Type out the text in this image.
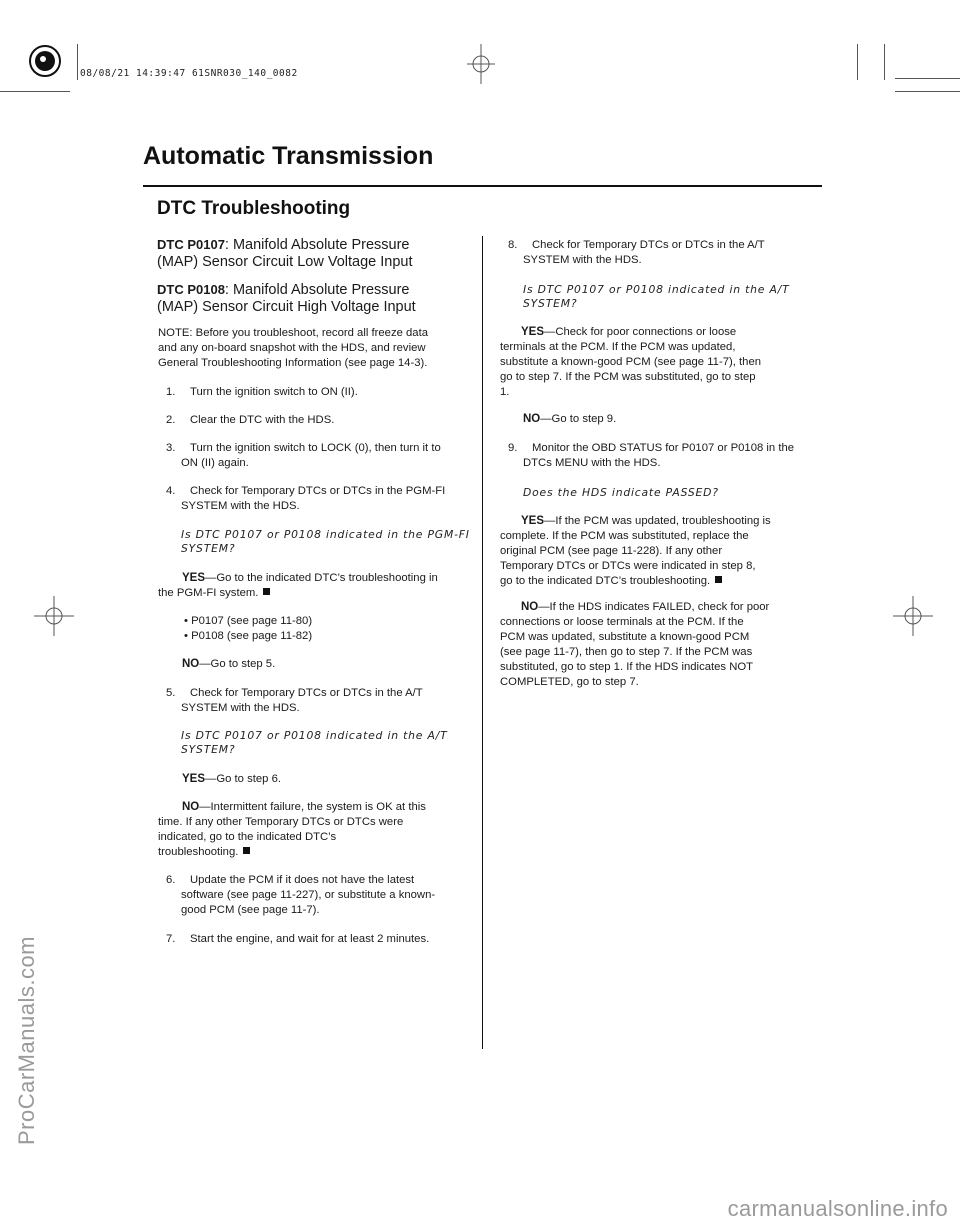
08/08/21 14:39:47 61SNR030_140_0082
ProCarManuals.com
carmanualsonline.info
Automatic Transmission
DTC Troubleshooting
DTC P0107: Manifold Absolute Pressure
(MAP) Sensor Circuit Low Voltage Input
DTC P0108: Manifold Absolute Pressure
(MAP) Sensor Circuit High Voltage Input
NOTE: Before you troubleshoot, record all freeze data
and any on-board snapshot with the HDS, and review
General Troubleshooting Information (see page 14-3).
1. Turn the ignition switch to ON (II).
2. Clear the DTC with the HDS.
3. Turn the ignition switch to LOCK (0), then turn it to
ON (II) again.
4. Check for Temporary DTCs or DTCs in the PGM-FI
SYSTEM with the HDS.
Is DTC P0107 or P0108 indicated in the PGM-FI
SYSTEM?
YES—Go to the indicated DTC’s troubleshooting in
the PGM-FI system.
• P0107 (see page 11-80)
• P0108 (see page 11-82)
NO—Go to step 5.
5. Check for Temporary DTCs or DTCs in the A/T
SYSTEM with the HDS.
Is DTC P0107 or P0108 indicated in the A/T
SYSTEM?
YES—Go to step 6.
NO—Intermittent failure, the system is OK at this
time. If any other Temporary DTCs or DTCs were
indicated, go to the indicated DTC’s
troubleshooting.
6. Update the PCM if it does not have the latest
software (see page 11-227), or substitute a known-
good PCM (see page 11-7).
7. Start the engine, and wait for at least 2 minutes.
8. Check for Temporary DTCs or DTCs in the A/T
SYSTEM with the HDS.
Is DTC P0107 or P0108 indicated in the A/T
SYSTEM?
YES—Check for poor connections or loose
terminals at the PCM. If the PCM was updated,
substitute a known-good PCM (see page 11-7), then
go to step 7. If the PCM was substituted, go to step
1.
NO—Go to step 9.
9. Monitor the OBD STATUS for P0107 or P0108 in the
DTCs MENU with the HDS.
Does the HDS indicate PASSED?
YES—If the PCM was updated, troubleshooting is
complete. If the PCM was substituted, replace the
original PCM (see page 11-228). If any other
Temporary DTCs or DTCs were indicated in step 8,
go to the indicated DTC’s troubleshooting.
NO—If the HDS indicates FAILED, check for poor
connections or loose terminals at the PCM. If the
PCM was updated, substitute a known-good PCM
(see page 11-7), then go to step 7. If the PCM was
substituted, go to step 1. If the HDS indicates NOT
COMPLETED, go to step 7.
